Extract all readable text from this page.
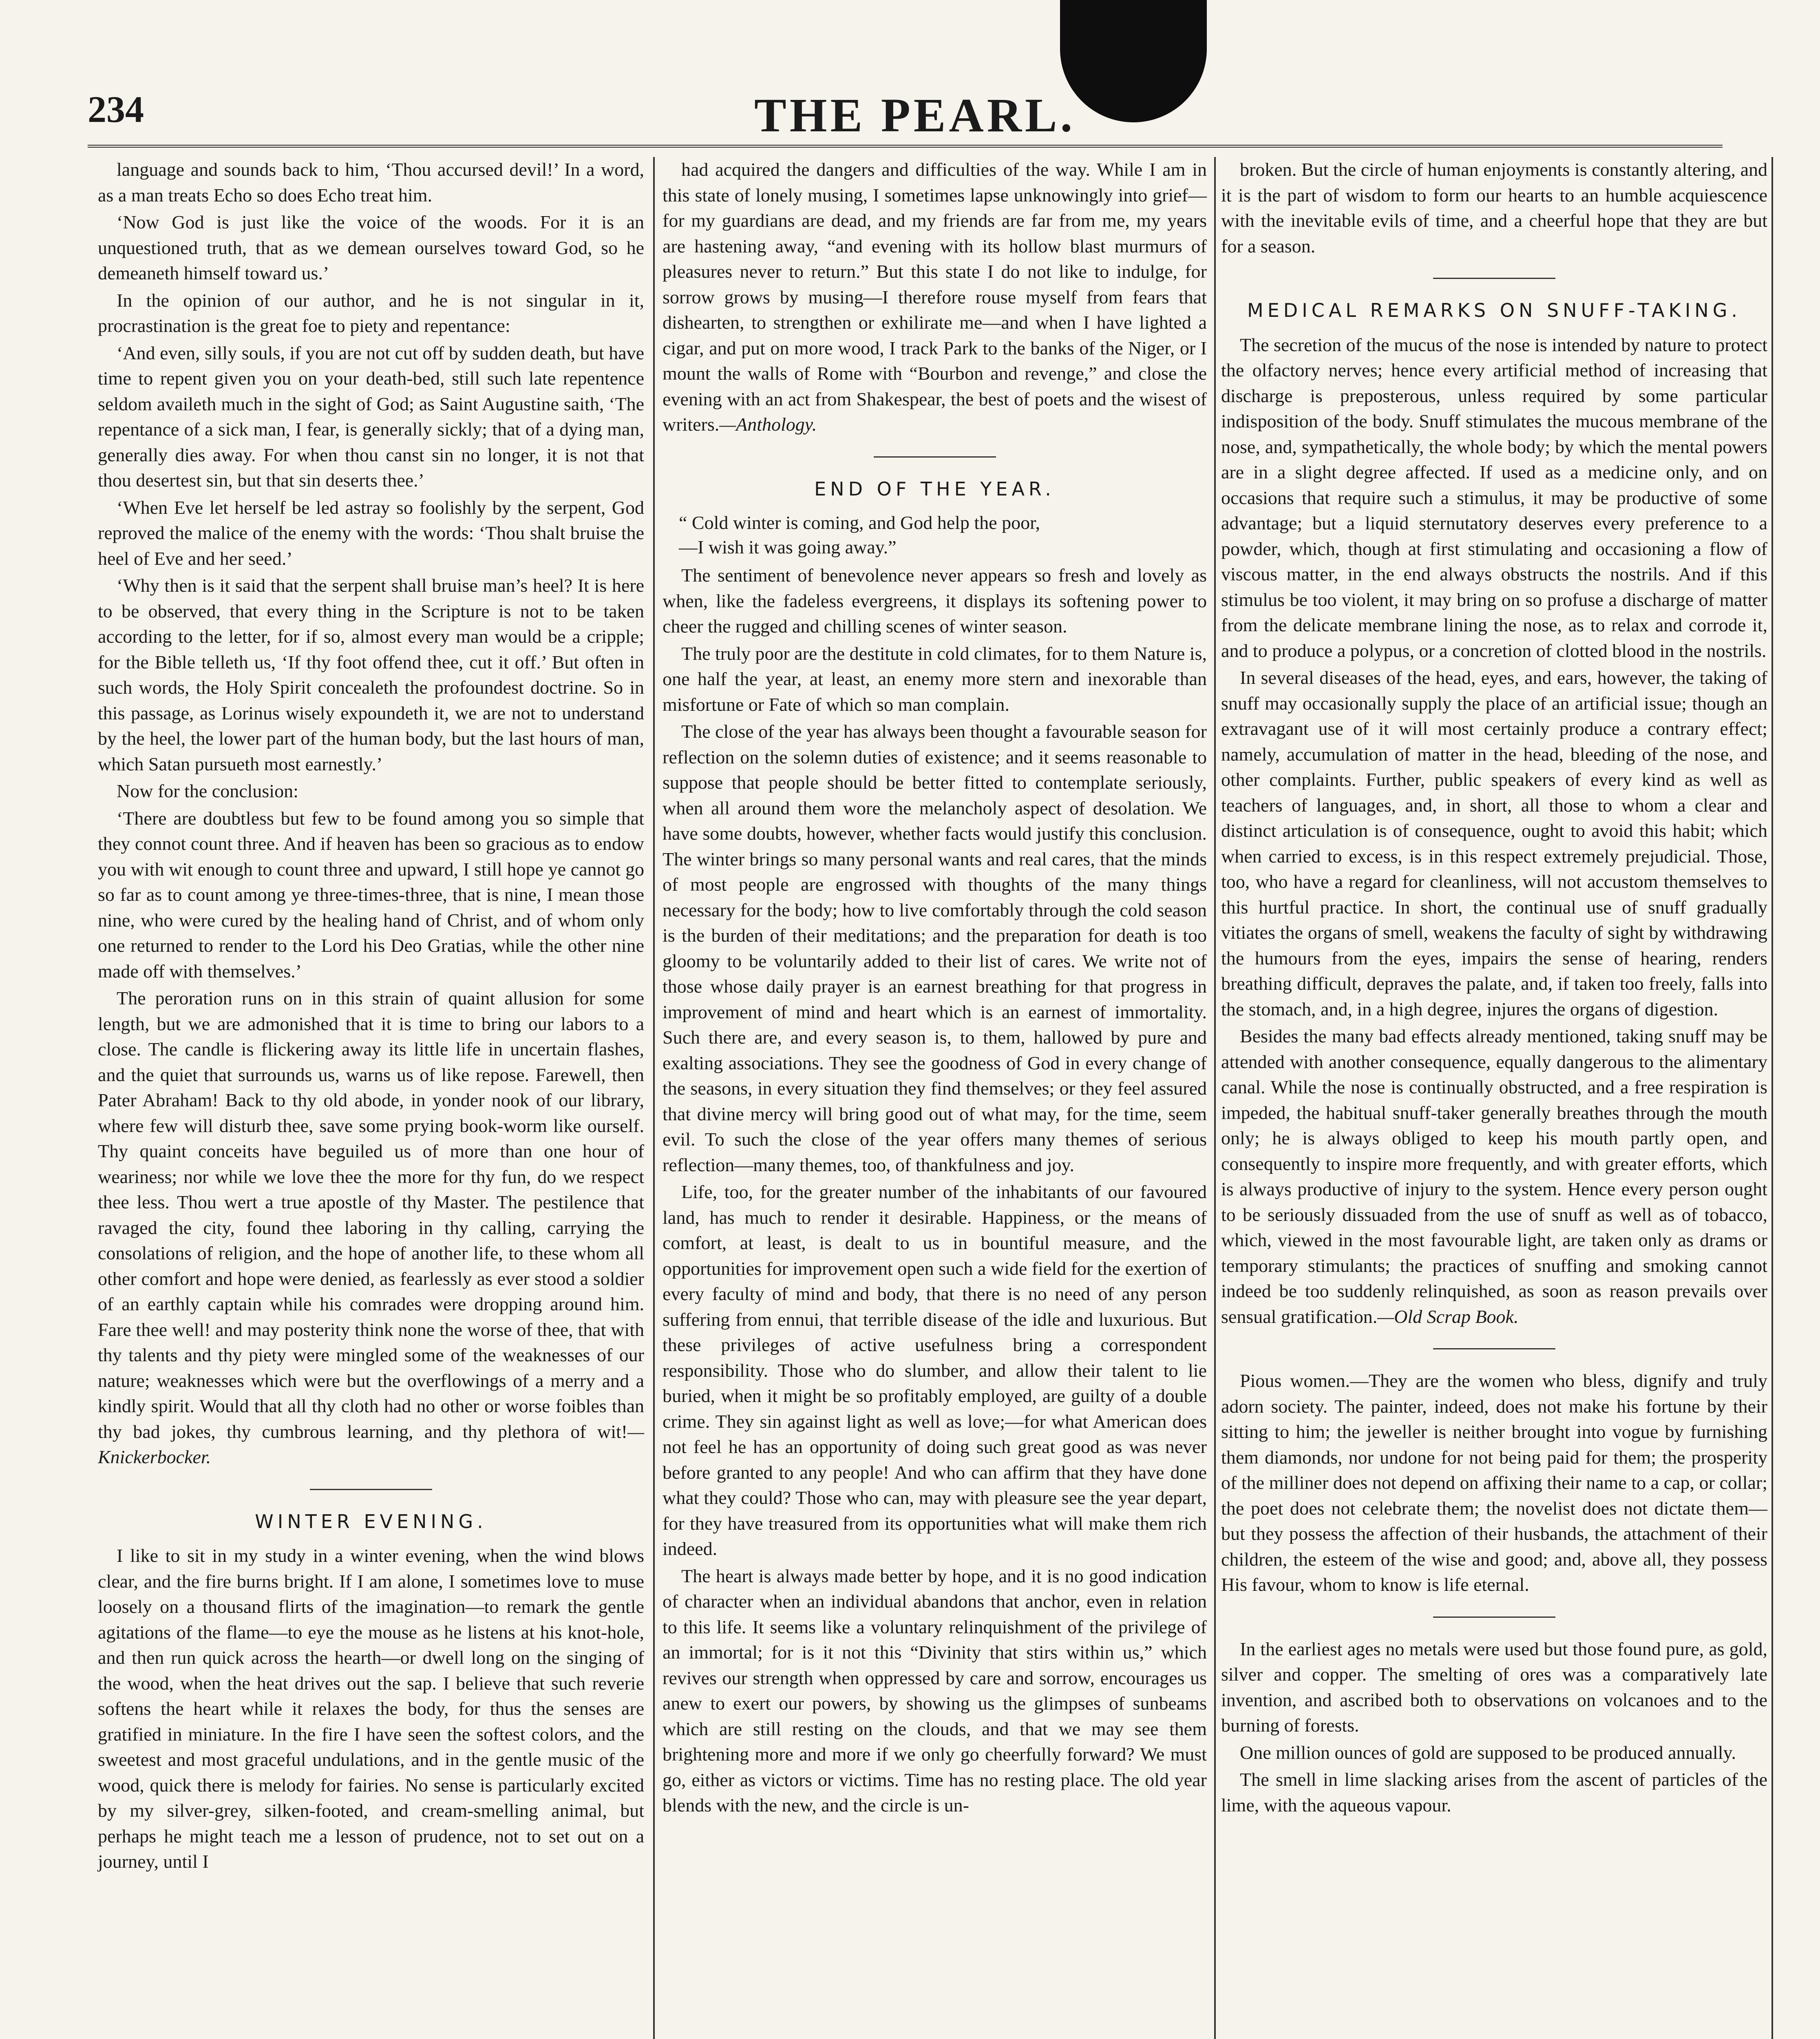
234	THE PEARL.

language and sounds back to him, ‘Thou accursed devil!’ In a word, as a man treats Echo so does Echo treat him.

‘Now God is just like the voice of the woods. For it is an unquestioned truth, that as we demean ourselves toward God, so he demeaneth himself toward us.’

In the opinion of our author, and he is not singular in it, procrastination is the great foe to piety and repentance:

‘And even, silly souls, if you are not cut off by sudden death, but have time to repent given you on your death-bed, still such late repentence seldom availeth much in the sight of God; as Saint Augustine saith, ‘The repentance of a sick man, I fear, is generally sickly; that of a dying man, generally dies away. For when thou canst sin no longer, it is not that thou desertest sin, but that sin deserts thee.’

‘When Eve let herself be led astray so foolishly by the serpent, God reproved the malice of the enemy with the words: ‘Thou shalt bruise the heel of Eve and her seed.’

‘Why then is it said that the serpent shall bruise man’s heel? It is here to be observed, that every thing in the Scripture is not to be taken according to the letter, for if so, almost every man would be a cripple; for the Bible telleth us, ‘If thy foot offend thee, cut it off.’ But often in such words, the Holy Spirit concealeth the profoundest doctrine. So in this passage, as Lorinus wisely expoundeth it, we are not to understand by the heel, the lower part of the human body, but the last hours of man, which Satan pursueth most earnestly.’

Now for the conclusion:

‘There are doubtless but few to be found among you so simple that they connot count three. And if heaven has been so gracious as to endow you with wit enough to count three and upward, I still hope ye cannot go so far as to count among ye three-times-three, that is nine, I mean those nine, who were cured by the healing hand of Christ, and of whom only one returned to render to the Lord his Deo Gratias, while the other nine made off with themselves.’

The peroration runs on in this strain of quaint allusion for some length, but we are admonished that it is time to bring our labors to a close. The candle is flickering away its little life in uncertain flashes, and the quiet that surrounds us, warns us of like repose. Farewell, then Pater Abraham! Back to thy old abode, in yonder nook of our library, where few will disturb thee, save some prying book-worm like ourself. Thy quaint conceits have beguiled us of more than one hour of weariness; nor while we love thee the more for thy fun, do we respect thee less. Thou wert a true apostle of thy Master. The pestilence that ravaged the city, found thee laboring in thy calling, carrying the consolations of religion, and the hope of another life, to these whom all other comfort and hope were denied, as fearlessly as ever stood a soldier of an earthly captain while his comrades were dropping around him. Fare thee well! and may posterity think none the worse of thee, that with thy talents and thy piety were mingled some of the weaknesses of our nature; weaknesses which were but the overflowings of a merry and a kindly spirit. Would that all thy cloth had no other or worse foibles than thy bad jokes, thy cumbrous learning, and thy plethora of wit!—Knickerbocker.

WINTER EVENING.

I like to sit in my study in a winter evening, when the wind blows clear, and the fire burns bright. If I am alone, I sometimes love to muse loosely on a thousand flirts of the imagination—to remark the gentle agitations of the flame—to eye the mouse as he listens at his knot-hole, and then run quick across the hearth—or dwell long on the singing of the wood, when the heat drives out the sap. I believe that such reverie softens the heart while it relaxes the body, for thus the senses are gratified in miniature. In the fire I have seen the softest colors, and the sweetest and most graceful undulations, and in the gentle music of the wood, quick there is melody for fairies. No sense is particularly excited by my silver-grey, silken-footed, and cream-smelling animal, but perhaps he might teach me a lesson of prudence, not to set out on a journey, until I

had acquired the dangers and difficulties of the way. While I am in this state of lonely musing, I sometimes lapse unknowingly into grief—for my guardians are dead, and my friends are far from me, my years are hastening away, “and evening with its hollow blast murmurs of pleasures never to return.” But this state I do not like to indulge, for sorrow grows by musing—I therefore rouse myself from fears that dishearten, to strengthen or exhilirate me—and when I have lighted a cigar, and put on more wood, I track Park to the banks of the Niger, or I mount the walls of Rome with “Bourbon and revenge,” and close the evening with an act from Shakespear, the best of poets and the wisest of writers.—Anthology.

END OF THE YEAR.
“ Cold winter is coming, and God help the poor,
—I wish it was going away.”

The sentiment of benevolence never appears so fresh and lovely as when, like the fadeless evergreens, it displays its softening power to cheer the rugged and chilling scenes of winter season.

The truly poor are the destitute in cold climates, for to them Nature is, one half the year, at least, an enemy more stern and inexorable than misfortune or Fate of which so man complain.

The close of the year has always been thought a favourable season for reflection on the solemn duties of existence; and it seems reasonable to suppose that people should be better fitted to contemplate seriously, when all around them wore the melancholy aspect of desolation. We have some doubts, however, whether facts would justify this conclusion. The winter brings so many personal wants and real cares, that the minds of most people are engrossed with thoughts of the many things necessary for the body; how to live comfortably through the cold season is the burden of their meditations; and the preparation for death is too gloomy to be voluntarily added to their list of cares. We write not of those whose daily prayer is an earnest breathing for that progress in improvement of mind and heart which is an earnest of immortality. Such there are, and every season is, to them, hallowed by pure and exalting associations. They see the goodness of God in every change of the seasons, in every situation they find themselves; or they feel assured that divine mercy will bring good out of what may, for the time, seem evil. To such the close of the year offers many themes of serious reflection—many themes, too, of thankfulness and joy.

Life, too, for the greater number of the inhabitants of our favoured land, has much to render it desirable. Happiness, or the means of comfort, at least, is dealt to us in bountiful measure, and the opportunities for improvement open such a wide field for the exertion of every faculty of mind and body, that there is no need of any person suffering from ennui, that terrible disease of the idle and luxurious. But these privileges of active usefulness bring a correspondent responsibility. Those who do slumber, and allow their talent to lie buried, when it might be so profitably employed, are guilty of a double crime. They sin against light as well as love;—for what American does not feel he has an opportunity of doing such great good as was never before granted to any people! And who can affirm that they have done what they could? Those who can, may with pleasure see the year depart, for they have treasured from its opportunities what will make them rich indeed.

The heart is always made better by hope, and it is no good indication of character when an individual abandons that anchor, even in relation to this life. It seems like a voluntary relinquishment of the privilege of an immortal; for is it not this “Divinity that stirs within us,” which revives our strength when oppressed by care and sorrow, encourages us anew to exert our powers, by showing us the glimpses of sunbeams which are still resting on the clouds, and that we may see them brightening more and more if we only go cheerfully forward? We must go, either as victors or victims. Time has no resting place. The old year blends with the new, and the circle is un-

broken. But the circle of human enjoyments is constantly altering, and it is the part of wisdom to form our hearts to an humble acquiescence with the inevitable evils of time, and a cheerful hope that they are but for a season.

MEDICAL REMARKS ON SNUFF-TAKING.

The secretion of the mucus of the nose is intended by nature to protect the olfactory nerves; hence every artificial method of increasing that discharge is preposterous, unless required by some particular indisposition of the body. Snuff stimulates the mucous membrane of the nose, and, sympathetically, the whole body; by which the mental powers are in a slight degree affected. If used as a medicine only, and on occasions that require such a stimulus, it may be productive of some advantage; but a liquid sternutatory deserves every preference to a powder, which, though at first stimulating and occasioning a flow of viscous matter, in the end always obstructs the nostrils. And if this stimulus be too violent, it may bring on so profuse a discharge of matter from the delicate membrane lining the nose, as to relax and corrode it, and to produce a polypus, or a concretion of clotted blood in the nostrils.

In several diseases of the head, eyes, and ears, however, the taking of snuff may occasionally supply the place of an artificial issue; though an extravagant use of it will most certainly produce a contrary effect; namely, accumulation of matter in the head, bleeding of the nose, and other complaints. Further, public speakers of every kind as well as teachers of languages, and, in short, all those to whom a clear and distinct articulation is of consequence, ought to avoid this habit; which when carried to excess, is in this respect extremely prejudicial. Those, too, who have a regard for cleanliness, will not accustom themselves to this hurtful practice. In short, the continual use of snuff gradually vitiates the organs of smell, weakens the faculty of sight by withdrawing the humours from the eyes, impairs the sense of hearing, renders breathing difficult, depraves the palate, and, if taken too freely, falls into the stomach, and, in a high degree, injures the organs of digestion.

Besides the many bad effects already mentioned, taking snuff may be attended with another consequence, equally dangerous to the alimentary canal. While the nose is continually obstructed, and a free respiration is impeded, the habitual snuff-taker generally breathes through the mouth only; he is always obliged to keep his mouth partly open, and consequently to inspire more frequently, and with greater efforts, which is always productive of injury to the system. Hence every person ought to be seriously dissuaded from the use of snuff as well as of tobacco, which, viewed in the most favourable light, are taken only as drams or temporary stimulants; the practices of snuffing and smoking cannot indeed be too suddenly relinquished, as soon as reason prevails over sensual gratification.—Old Scrap Book.

Pious women.—They are the women who bless, dignify and truly adorn society. The painter, indeed, does not make his fortune by their sitting to him; the jeweller is neither brought into vogue by furnishing them diamonds, nor undone for not being paid for them; the prosperity of the milliner does not depend on affixing their name to a cap, or collar; the poet does not celebrate them; the novelist does not dictate them—but they possess the affection of their husbands, the attachment of their children, the esteem of the wise and good; and, above all, they possess His favour, whom to know is life eternal.

In the earliest ages no metals were used but those found pure, as gold, silver and copper. The smelting of ores was a comparatively late invention, and ascribed both to observations on volcanoes and to the burning of forests.

One million ounces of gold are supposed to be produced annually.

The smell in lime slacking arises from the ascent of particles of the lime, with the aqueous vapour.
